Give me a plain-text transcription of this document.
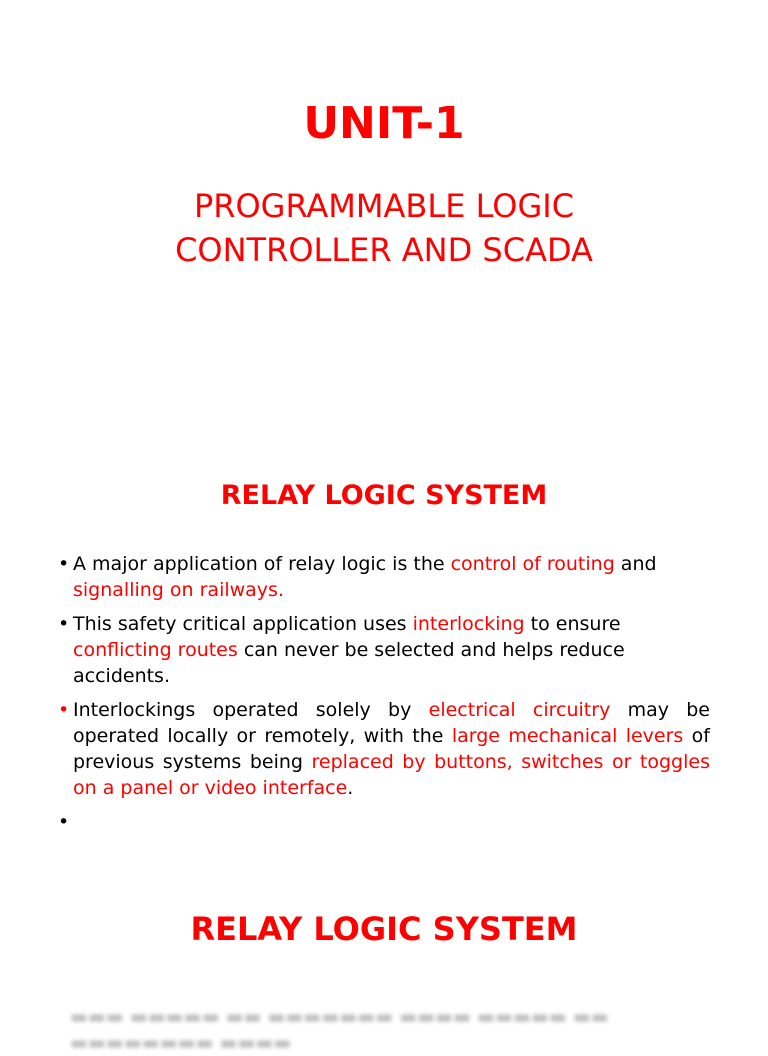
UNIT-1
PROGRAMMABLE LOGIC
CONTROLLER AND SCADA
RELAY LOGIC SYSTEM
• A major application of relay logic is the control of routing and signalling on railways.
• This safety critical application uses interlocking to ensure conflicting routes can never be selected and helps reduce accidents.
• Interlockings operated solely by electrical circuitry may be operated locally or remotely, with the large mechanical levers of previous systems being replaced by buttons, switches or toggles on a panel or video interface.
•
RELAY LOGIC SYSTEM
▬▬▬ ▬▬▬▬▬ ▬▬ ▬▬▬▬▬▬▬ ▬▬▬▬ ▬▬▬▬▬ ▬▬ ▬▬▬▬▬▬▬▬ ▬▬▬▬
